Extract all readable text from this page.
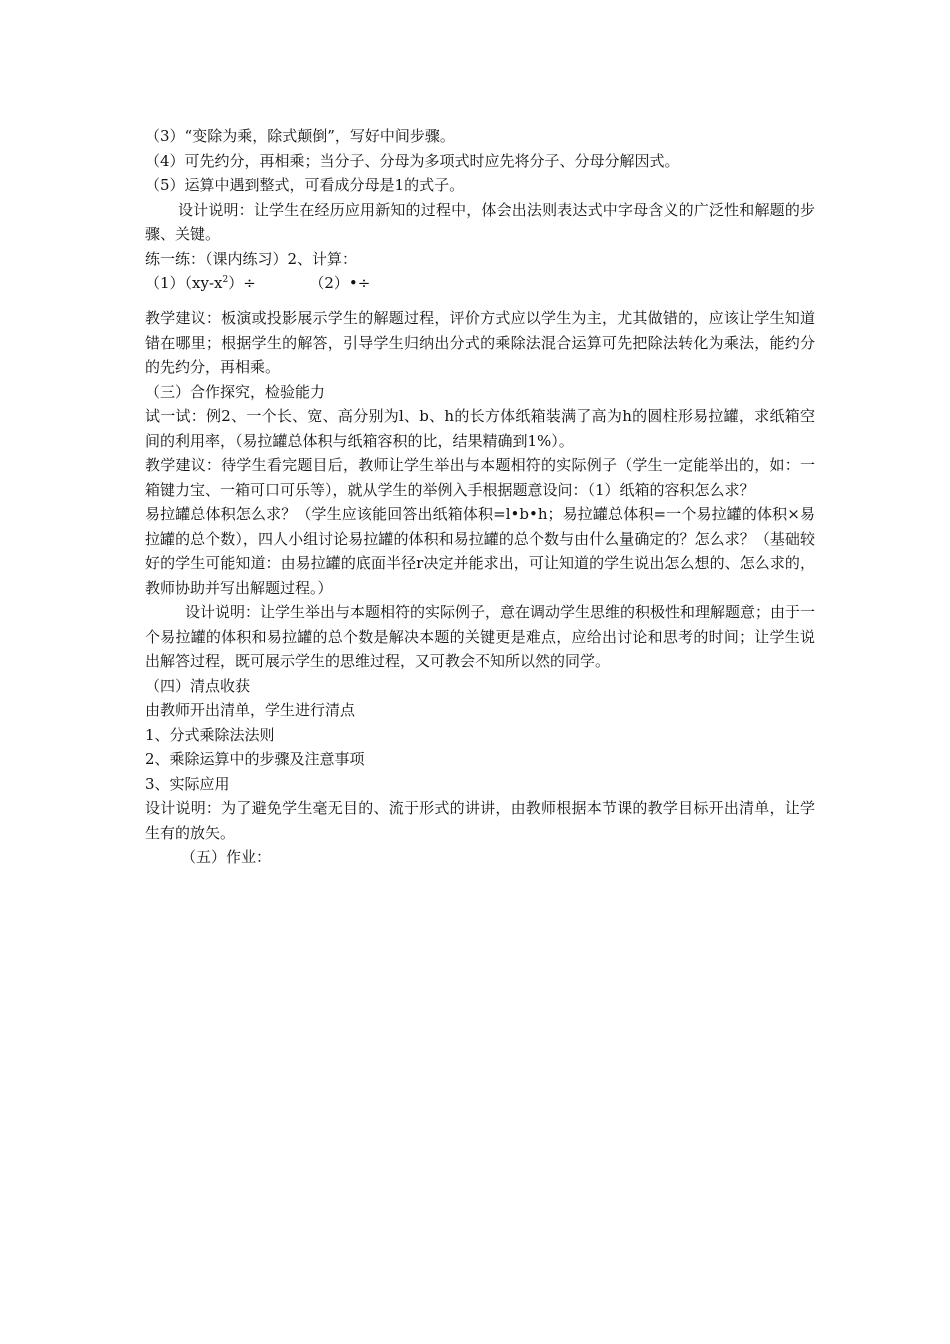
（3）“变除为乘，除式颠倒”，写好中间步骤。

（4）可先约分，再相乘；当分子、分母为多项式时应先将分子、分母分解因式。

（5）运算中遇到整式，可看成分母是1的式子。

设计说明：让学生在经历应用新知的过程中，体会出法则表达式中字母含义的广泛性和解题的步骤、关键。

练一练：（课内练习）2、计算：

$(1)(xy-x^2)\div$	（2）•÷

教学建议：板演或投影展示学生的解题过程，评价方式应以学生为主，尤其做错的，应该让学生知道错在哪里；根据学生的解答，引导学生归纳出分式的乘除法混合运算可先把除法转化为乘法，能约分的先约分，再相乘。

（三）合作探究，检验能力

试一试：例2、一个长、宽、高分别为l、b、h的长方体纸箱装满了高为h的圆柱形易拉罐，求纸箱空间的利用率，（易拉罐总体积与纸箱容积的比，结果精确到1%）。

教学建议：待学生看完题目后，教师让学生举出与本题相符的实际例子（学生一定能举出的，如：一箱键力宝、一箱可口可乐等），就从学生的举例入手根据题意设问：（1）纸箱的容积怎么求？

易拉罐总体积怎么求？（学生应该能回答出纸箱体积=l•b•h；易拉罐总体积=一个易拉罐的体积×易拉罐的总个数），四人小组讨论易拉罐的体积和易拉罐的总个数与由什么量确定的？怎么求？（基础较好的学生可能知道：由易拉罐的底面半径r决定并能求出，可让知道的学生说出怎么想的、怎么求的，教师协助并写出解题过程。）

设计说明：让学生举出与本题相符的实际例子，意在调动学生思维的积极性和理解题意；由于一个易拉罐的体积和易拉罐的总个数是解决本题的关键更是难点，应给出讨论和思考的时间；让学生说出解答过程，既可展示学生的思维过程，又可教会不知所以然的同学。

（四）清点收获

由教师开出清单，学生进行清点

1、分式乘除法法则

2、乘除运算中的步骤及注意事项

3、实际应用

设计说明：为了避免学生毫无目的、流于形式的讲讲，由教师根据本节课的教学目标开出清单，让学生有的放矢。

（五）作业：
